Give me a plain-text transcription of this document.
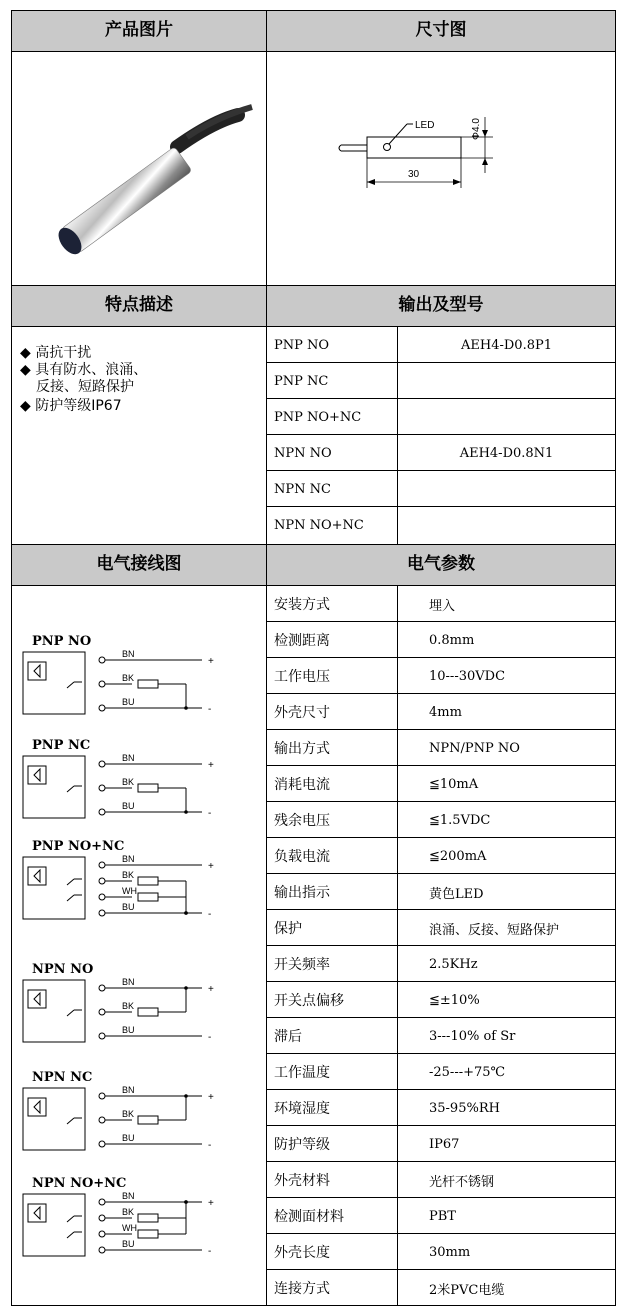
产品图片	尺寸图
LED	Φ4.0
30
特点描述	输出及型号
◆ 高抗干扰
◆ 具有防水、浪涌、
反接、短路保护
◆ 防护等级IP67
PNP NO	AEH4-D0.8P1
PNP NC
PNP NO+NC
NPN NO	AEH4-D0.8N1
NPN NC
NPN NO+NC
电气接线图	电气参数
PNP NO
BN
BK
BU
+
-
PNP NC
BN
BK
BU
+
-
PNP NO+NC
BN
BK
WH
BU
+
-
NPN NO
BN
BK
BU
+
-
NPN NC
BN
BK
BU
+
-
NPN NO+NC
BN
BK
WH
BU
+
-
安装方式	埋入
检测距离	0.8mm
工作电压	10---30VDC
外壳尺寸	4mm
输出方式	NPN/PNP NO
消耗电流	≦10mA
残余电压	≦1.5VDC
负载电流	≦200mA
输出指示	黄色LED
保护	浪涌、反接、短路保护
开关频率	2.5KHz
开关点偏移	≦±10%
滞后	3---10% of Sr
工作温度	-25---+75℃
环境湿度	35-95%RH
防护等级	IP67
外壳材料	光杆不锈钢
检测面材料	PBT
外壳长度	30mm
连接方式	2米PVC电缆
